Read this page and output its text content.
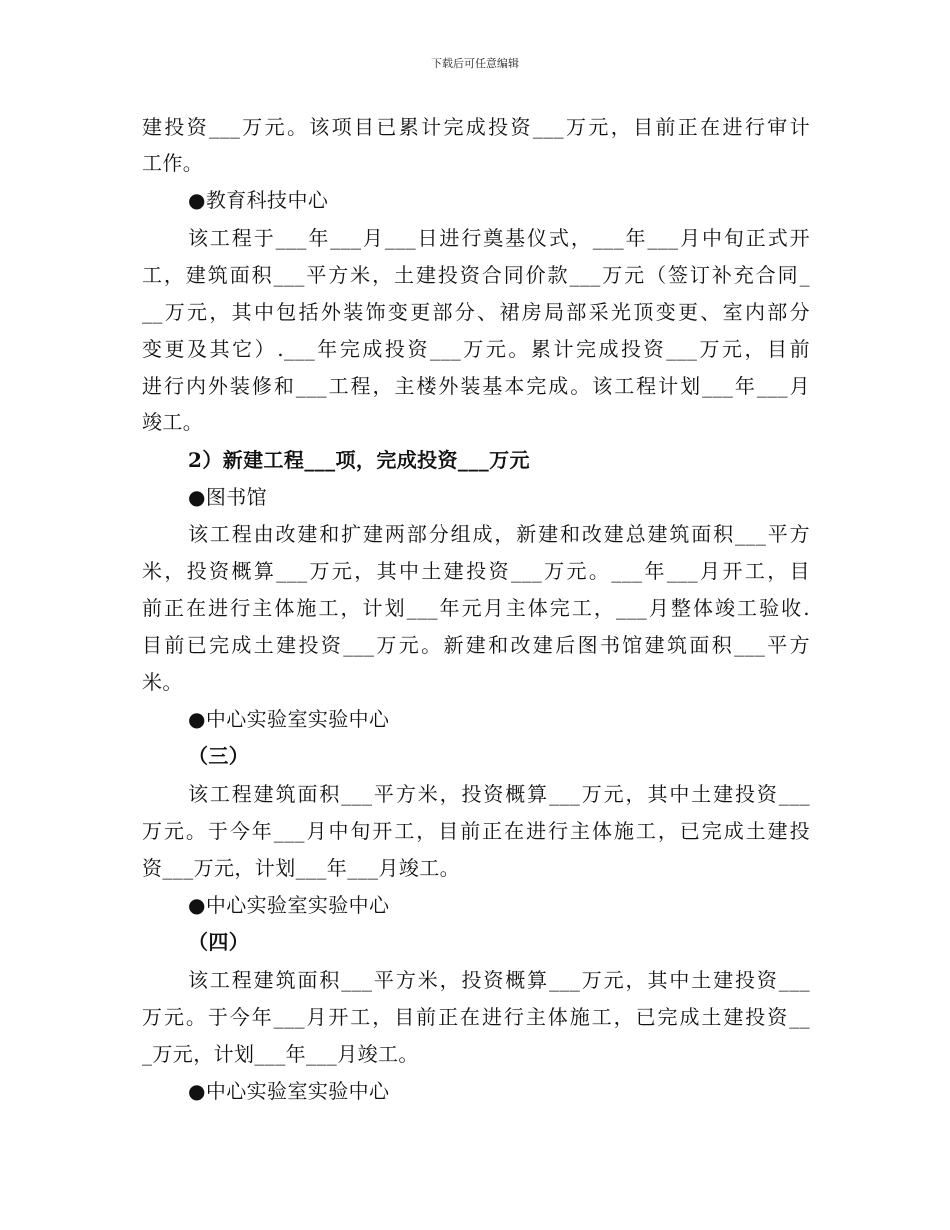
下载后可任意编辑
建投资___万元。该项目已累计完成投资___万元，目前正在进行审计
工作。
●教育科技中心
该工程于___年___月___日进行奠基仪式，___年___月中旬正式开
工，建筑面积___平方米，土建投资合同价款___万元（签订补充合同_
__万元，其中包括外装饰变更部分、裙房局部采光顶变更、室内部分
变更及其它）.___年完成投资___万元。累计完成投资___万元，目前
进行内外装修和___工程，主楼外装基本完成。该工程计划___年___月
竣工。
2）新建工程___项，完成投资___万元
●图书馆
该工程由改建和扩建两部分组成，新建和改建总建筑面积___平方
米，投资概算___万元，其中土建投资___万元。___年___月开工，目
前正在进行主体施工，计划___年元月主体完工，___月整体竣工验收.
目前已完成土建投资___万元。新建和改建后图书馆建筑面积___平方
米。
●中心实验室实验中心
（三）
该工程建筑面积___平方米，投资概算___万元，其中土建投资___
万元。于今年___月中旬开工，目前正在进行主体施工，已完成土建投
资___万元，计划___年___月竣工。
●中心实验室实验中心
（四）
该工程建筑面积___平方米，投资概算___万元，其中土建投资___
万元。于今年___月开工，目前正在进行主体施工，已完成土建投资__
_万元，计划___年___月竣工。
●中心实验室实验中心
